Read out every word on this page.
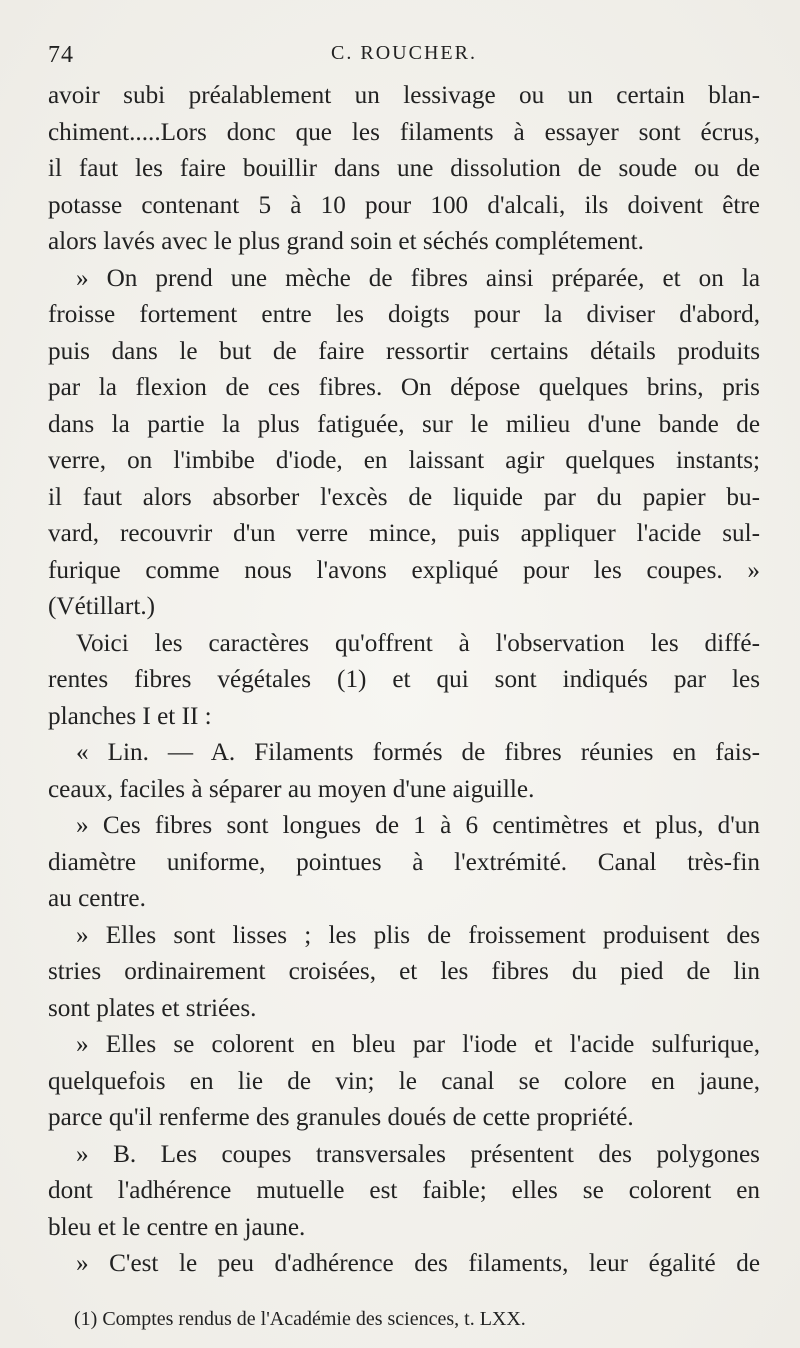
74	C. ROUCHER.
avoir subi préalablement un lessivage ou un certain blan-
chiment.....Lors donc que les filaments à essayer sont écrus,
il faut les faire bouillir dans une dissolution de soude ou de
potasse contenant 5 à 10 pour 100 d'alcali, ils doivent être
alors lavés avec le plus grand soin et séchés complétement.
» On prend une mèche de fibres ainsi préparée, et on la
froisse fortement entre les doigts pour la diviser d'abord,
puis dans le but de faire ressortir certains détails produits
par la flexion de ces fibres. On dépose quelques brins, pris
dans la partie la plus fatiguée, sur le milieu d'une bande de
verre, on l'imbibe d'iode, en laissant agir quelques instants;
il faut alors absorber l'excès de liquide par du papier bu-
vard, recouvrir d'un verre mince, puis appliquer l'acide sul-
furique comme nous l'avons expliqué pour les coupes. »
(Vétillart.)
Voici les caractères qu'offrent à l'observation les diffé-
rentes fibres végétales (1) et qui sont indiqués par les
planches I et II :
« Lin. — A. Filaments formés de fibres réunies en fais-
ceaux, faciles à séparer au moyen d'une aiguille.
» Ces fibres sont longues de 1 à 6 centimètres et plus, d'un
diamètre uniforme, pointues à l'extrémité. Canal très-fin
au centre.
» Elles sont lisses ; les plis de froissement produisent des
stries ordinairement croisées, et les fibres du pied de lin
sont plates et striées.
» Elles se colorent en bleu par l'iode et l'acide sulfurique,
quelquefois en lie de vin; le canal se colore en jaune,
parce qu'il renferme des granules doués de cette propriété.
» B. Les coupes transversales présentent des polygones
dont l'adhérence mutuelle est faible; elles se colorent en
bleu et le centre en jaune.
» C'est le peu d'adhérence des filaments, leur égalité de
(1) Comptes rendus de l'Académie des sciences, t. LXX.
